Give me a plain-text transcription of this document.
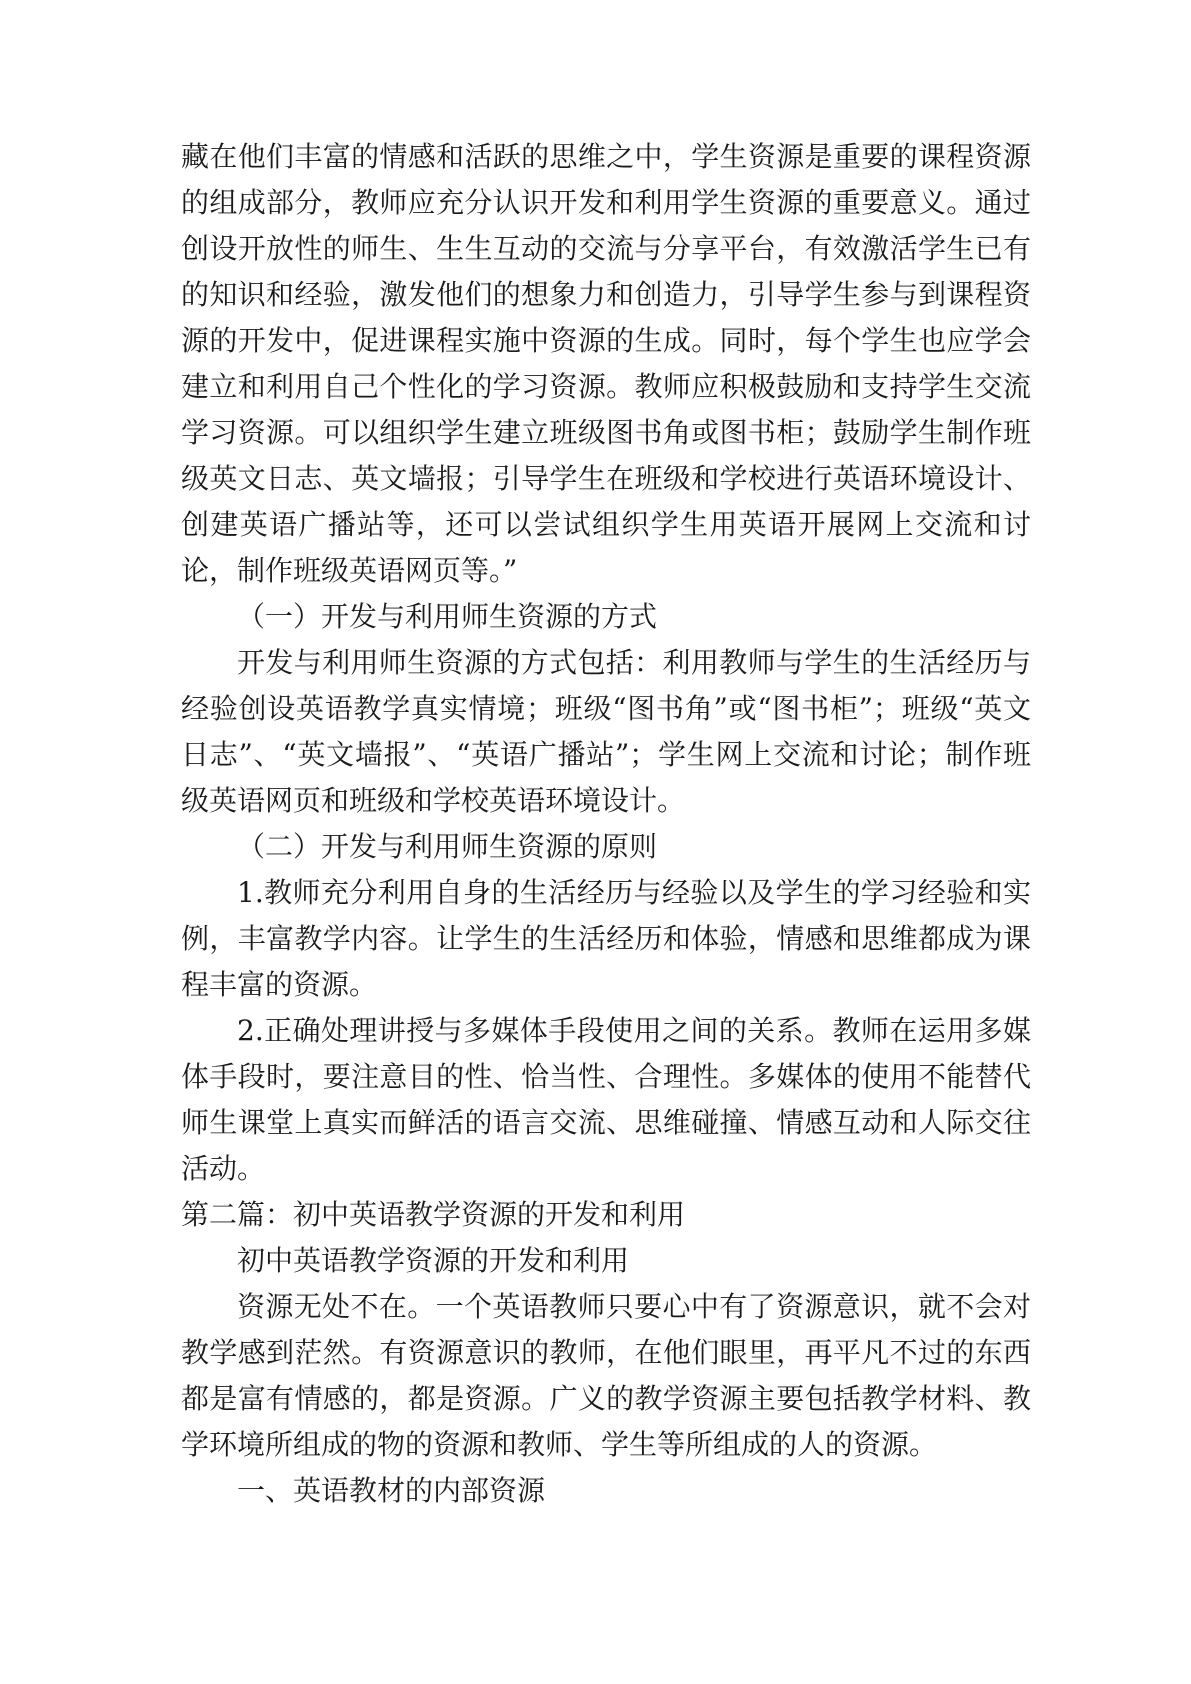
藏在他们丰富的情感和活跃的思维之中，学生资源是重要的课程资源的组成部分，教师应充分认识开发和利用学生资源的重要意义。通过创设开放性的师生、生生互动的交流与分享平台，有效激活学生已有的知识和经验，激发他们的想象力和创造力，引导学生参与到课程资源的开发中，促进课程实施中资源的生成。同时，每个学生也应学会建立和利用自己个性化的学习资源。教师应积极鼓励和支持学生交流学习资源。可以组织学生建立班级图书角或图书柜；鼓励学生制作班级英文日志、英文墙报；引导学生在班级和学校进行英语环境设计、创建英语广播站等，还可以尝试组织学生用英语开展网上交流和讨论，制作班级英语网页等。”

（一）开发与利用师生资源的方式

开发与利用师生资源的方式包括：利用教师与学生的生活经历与经验创设英语教学真实情境；班级“图书角”或“图书柜”；班级“英文日志”、“英文墙报”、“英语广播站”；学生网上交流和讨论；制作班级英语网页和班级和学校英语环境设计。

（二）开发与利用师生资源的原则

1.教师充分利用自身的生活经历与经验以及学生的学习经验和实例，丰富教学内容。让学生的生活经历和体验，情感和思维都成为课程丰富的资源。

2.正确处理讲授与多媒体手段使用之间的关系。教师在运用多媒体手段时，要注意目的性、恰当性、合理性。多媒体的使用不能替代师生课堂上真实而鲜活的语言交流、思维碰撞、情感互动和人际交往活动。

第二篇：初中英语教学资源的开发和利用

初中英语教学资源的开发和利用

资源无处不在。一个英语教师只要心中有了资源意识，就不会对教学感到茫然。有资源意识的教师，在他们眼里，再平凡不过的东西都是富有情感的，都是资源。广义的教学资源主要包括教学材料、教学环境所组成的物的资源和教师、学生等所组成的人的资源。

一、英语教材的内部资源
